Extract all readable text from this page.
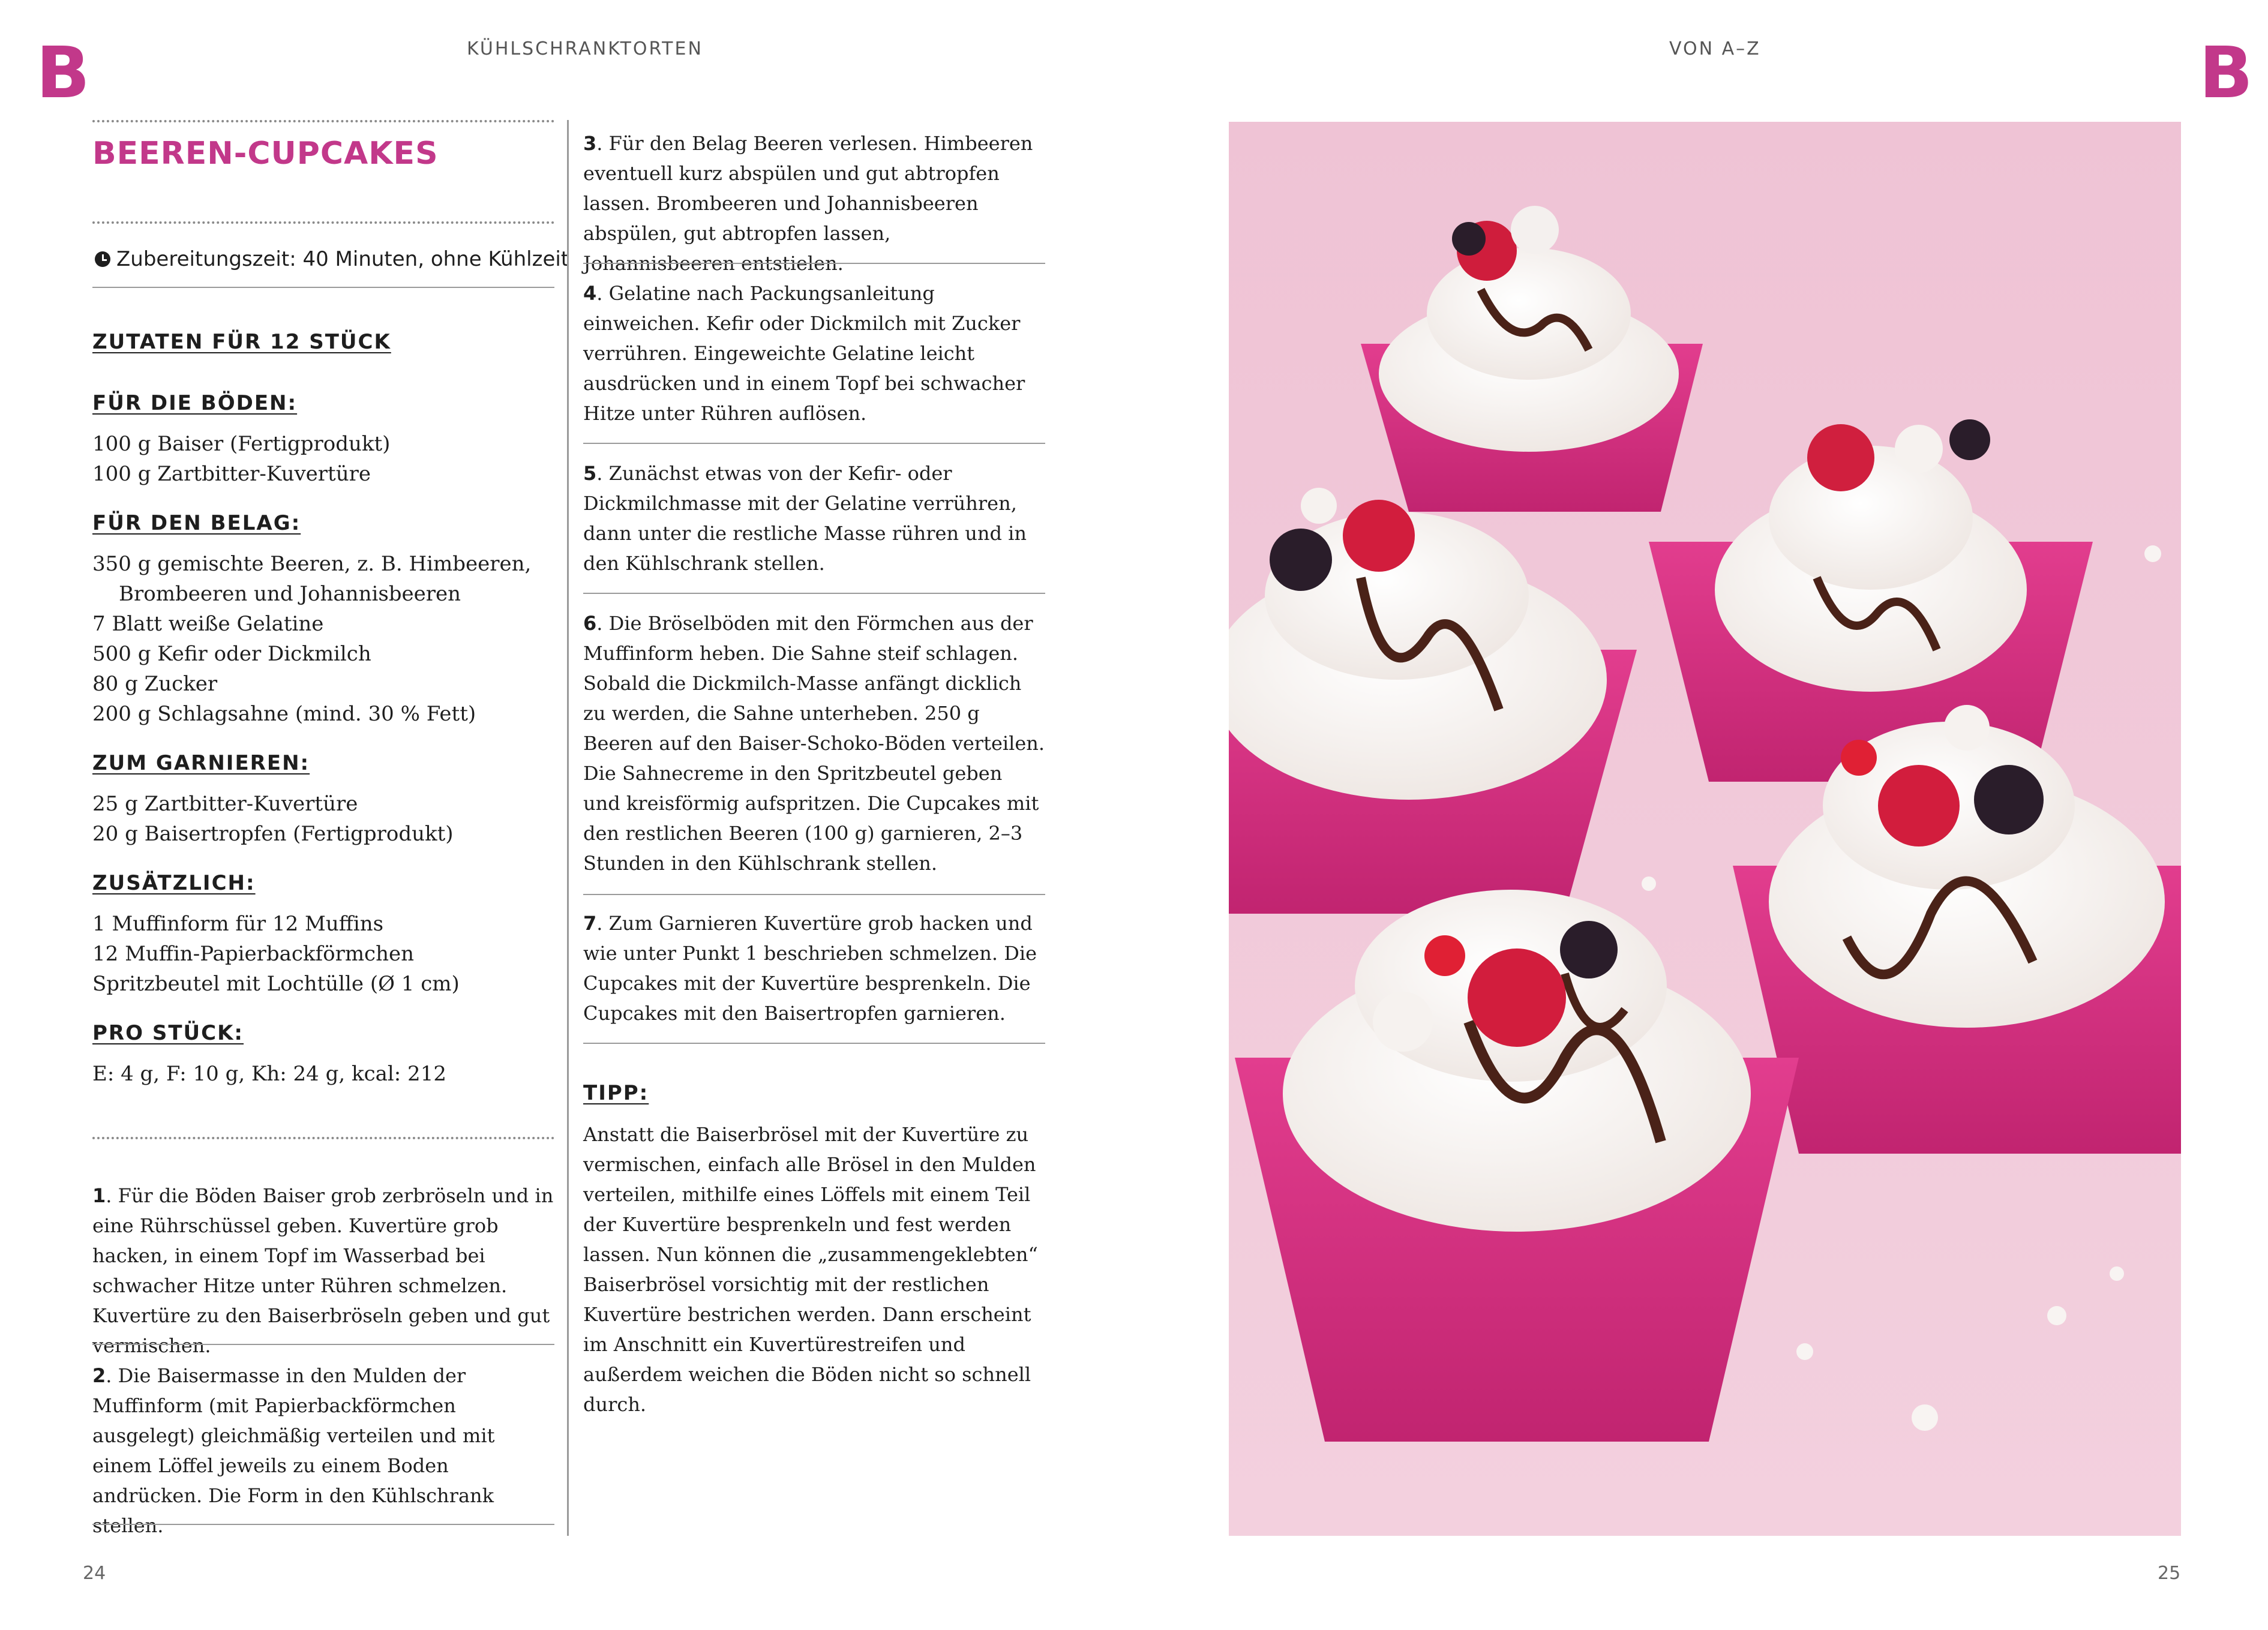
B	B
KÜHLSCHRANKTORTEN	VON A–Z
BEEREN-CUPCAKES
Zubereitungszeit : 40 Minuten, ohne Kühlzeit
ZUTATEN FÜR 12 STÜCK
FÜR DIE BÖDEN:
100 g Baiser (Fertigprodukt)
100 g Zartbitter-Kuvertüre
FÜR DEN BELAG:
350 g gemischte Beeren, z. B. Himbeeren, Brombeeren und Johannisbeeren
7 Blatt weiße Gelatine
500 g Kefir oder Dickmilch
80 g Zucker
200 g Schlagsahne (mind. 30 % Fett)
ZUM GARNIEREN:
25 g Zartbitter-Kuvertüre
20 g Baisertropfen (Fertigprodukt)
ZUSÄTZLICH:
1 Muffinform für 12 Muffins
12 Muffin-Papierbackförmchen
Spritzbeutel mit Lochtülle (Ø 1 cm)
PRO STÜCK:
E: 4 g, F: 10 g, Kh: 24 g, kcal: 212
1. Für die Böden Baiser grob zerbröseln und in eine Rührschüssel geben. Kuvertüre grob hacken, in einem Topf im Wasserbad bei schwacher Hitze unter Rühren schmelzen. Kuvertüre zu den Baiserbröseln geben und gut vermischen.
2. Die Baisermasse in den Mulden der Muffinform (mit Papierbackförmchen ausgelegt) gleichmäßig verteilen und mit einem Löffel jeweils zu einem Boden andrücken. Die Form in den Kühlschrank stellen.
3. Für den Belag Beeren verlesen. Himbeeren eventuell kurz abspülen und gut abtropfen lassen. Brombeeren und Johannisbeeren abspülen, gut abtropfen lassen, Johannisbeeren entstielen.
4. Gelatine nach Packungsanleitung einweichen. Kefir oder Dickmilch mit Zucker verrühren. Eingeweichte Gelatine leicht ausdrücken und in einem Topf bei schwacher Hitze unter Rühren auflösen.
5. Zunächst etwas von der Kefir- oder Dickmilchmasse mit der Gelatine verrühren, dann unter die restliche Masse rühren und in den Kühlschrank stellen.
6. Die Bröselböden mit den Förmchen aus der Muffinform heben. Die Sahne steif schlagen. Sobald die Dickmilch-Masse anfängt dicklich zu werden, die Sahne unterheben. 250 g Beeren auf den Baiser-Schoko-Böden verteilen. Die Sahnecreme in den Spritzbeutel geben und kreisförmig aufspritzen. Die Cupcakes mit den restlichen Beeren (100 g) garnieren, 2–3 Stunden in den Kühlschrank stellen.
7. Zum Garnieren Kuvertüre grob hacken und wie unter Punkt 1 beschrieben schmelzen. Die Cupcakes mit der Kuvertüre besprenkeln. Die Cupcakes mit den Baisertropfen garnieren.
TIPP:
Anstatt die Baiserbrösel mit der Kuvertüre zu vermischen, einfach alle Brösel in den Mulden verteilen, mithilfe eines Löffels mit einem Teil der Kuvertüre besprenkeln und fest werden lassen. Nun können die „zusammengeklebten“ Baiserbrösel vorsichtig mit der restlichen Kuvertüre bestrichen werden. Dann erscheint im Anschnitt ein Kuvertürestreifen und außerdem weichen die Böden nicht so schnell durch.
24	25
